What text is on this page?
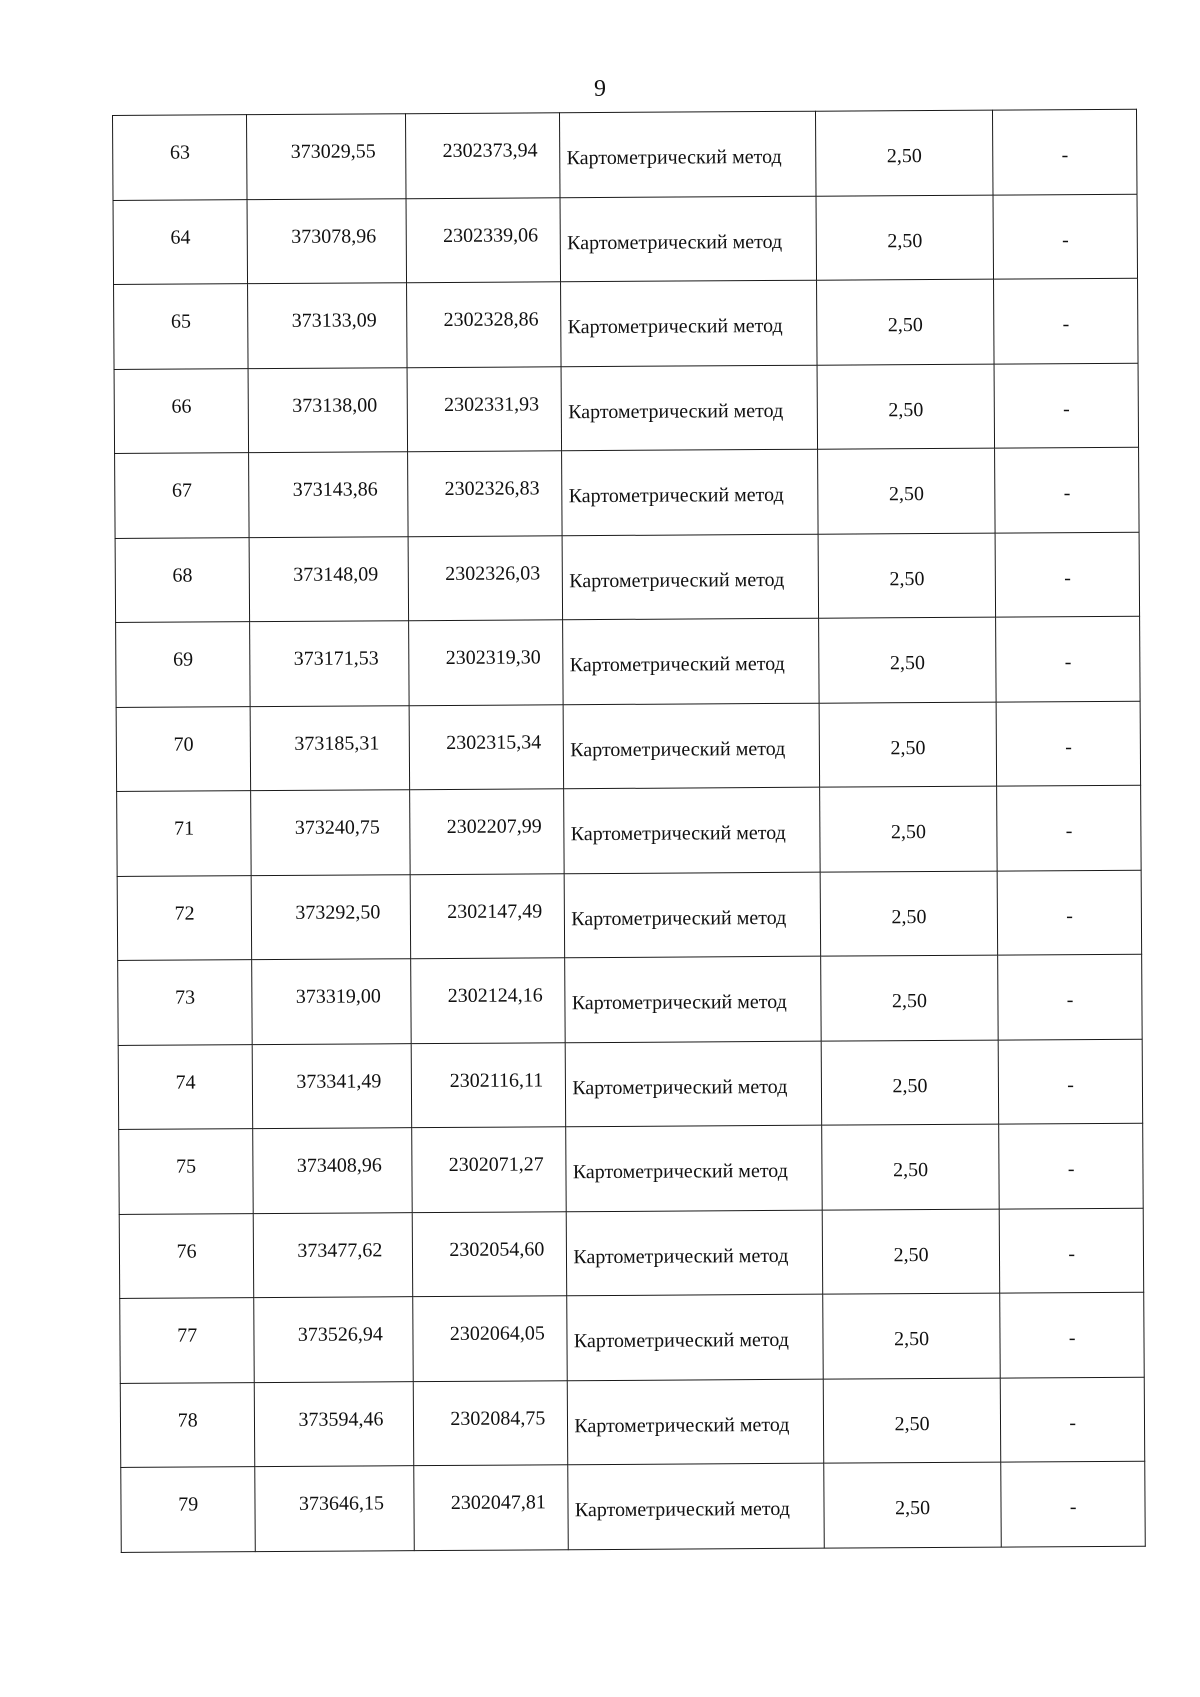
9
63	373029,55	2302373,94	Картометрический метод	2,50	-
64	373078,96	2302339,06	Картометрический метод	2,50	-
65	373133,09	2302328,86	Картометрический метод	2,50	-
66	373138,00	2302331,93	Картометрический метод	2,50	-
67	373143,86	2302326,83	Картометрический метод	2,50	-
68	373148,09	2302326,03	Картометрический метод	2,50	-
69	373171,53	2302319,30	Картометрический метод	2,50	-
70	373185,31	2302315,34	Картометрический метод	2,50	-
71	373240,75	2302207,99	Картометрический метод	2,50	-
72	373292,50	2302147,49	Картометрический метод	2,50	-
73	373319,00	2302124,16	Картометрический метод	2,50	-
74	373341,49	2302116,11	Картометрический метод	2,50	-
75	373408,96	2302071,27	Картометрический метод	2,50	-
76	373477,62	2302054,60	Картометрический метод	2,50	-
77	373526,94	2302064,05	Картометрический метод	2,50	-
78	373594,46	2302084,75	Картометрический метод	2,50	-
79	373646,15	2302047,81	Картометрический метод	2,50	-
